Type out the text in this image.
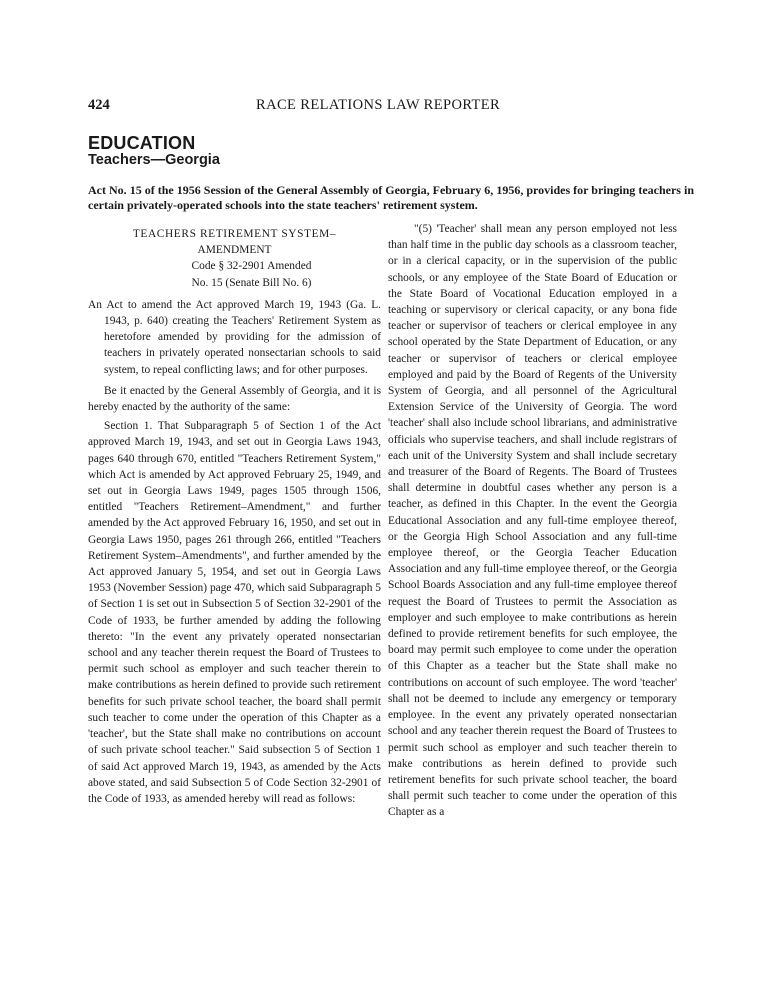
424	RACE RELATIONS LAW REPORTER
EDUCATION
Teachers—Georgia
Act No. 15 of the 1956 Session of the General Assembly of Georgia, February 6, 1956, provides for bringing teachers in certain privately-operated schools into the state teachers' retirement system.
TEACHERS RETIREMENT SYSTEM–
AMENDMENT
Code § 32-2901 Amended
No. 15 (Senate Bill No. 6)

An Act to amend the Act approved March 19, 1943 (Ga. L. 1943, p. 640) creating the Teachers' Retirement System as heretofore amended by providing for the admission of teachers in privately operated nonsectarian schools to said system, to repeal conflicting laws; and for other purposes.

Be it enacted by the General Assembly of Georgia, and it is hereby enacted by the authority of the same:

Section 1. That Subparagraph 5 of Section 1 of the Act approved March 19, 1943, and set out in Georgia Laws 1943, pages 640 through 670, entitled "Teachers Retirement System," which Act is amended by Act approved February 25, 1949, and set out in Georgia Laws 1949, pages 1505 through 1506, entitled "Teachers Retirement–Amendment," and further amended by the Act approved February 16, 1950, and set out in Georgia Laws 1950, pages 261 through 266, entitled "Teachers Retirement System–Amendments", and further amended by the Act approved January 5, 1954, and set out in Georgia Laws 1953 (November Session) page 470, which said Subparagraph 5 of Section 1 is set out in Subsection 5 of Section 32-2901 of the Code of 1933, be further amended by adding the following thereto: "In the event any privately operated nonsectarian school and any teacher therein request the Board of Trustees to permit such school as employer and such teacher therein to make contributions as herein defined to provide such retirement benefits for such private school teacher, the board shall permit such teacher to come under the operation of this Chapter as a 'teacher', but the State shall make no contributions on account of such private school teacher." Said subsection 5 of Section 1 of said Act approved March 19, 1943, as amended by the Acts above stated, and said Subsection 5 of Code Section 32-2901 of the Code of 1933, as amended hereby will read as follows:

"(5) 'Teacher' shall mean any person employed not less than half time in the public day schools as a classroom teacher, or in a clerical capacity, or in the supervision of the public schools, or any employee of the State Board of Education or the State Board of Vocational Education employed in a teaching or supervisory or clerical capacity, or any bona fide teacher or supervisor of teachers or clerical employee in any school operated by the State Department of Education, or any teacher or supervisor of teachers or clerical employee employed and paid by the Board of Regents of the University System of Georgia, and all personnel of the Agricultural Extension Service of the University of Georgia. The word 'teacher' shall also include school librarians, and administrative officials who supervise teachers, and shall include registrars of each unit of the University System and shall include secretary and treasurer of the Board of Regents. The Board of Trustees shall determine in doubtful cases whether any person is a teacher, as defined in this Chapter. In the event the Georgia Educational Association and any full-time employee thereof, or the Georgia High School Association and any full-time employee thereof, or the Georgia Teacher Education Association and any full-time employee thereof, or the Georgia School Boards Association and any full-time employee thereof request the Board of Trustees to permit the Association as employer and such employee to make contributions as herein defined to provide retirement benefits for such employee, the board may permit such employee to come under the operation of this Chapter as a teacher but the State shall make no contributions on account of such employee. The word 'teacher' shall not be deemed to include any emergency or temporary employee. In the event any privately operated nonsectarian school and any teacher therein request the Board of Trustees to permit such school as employer and such teacher therein to make contributions as herein defined to provide such retirement benefits for such private school teacher, the board shall permit such teacher to come under the operation of this Chapter as a
